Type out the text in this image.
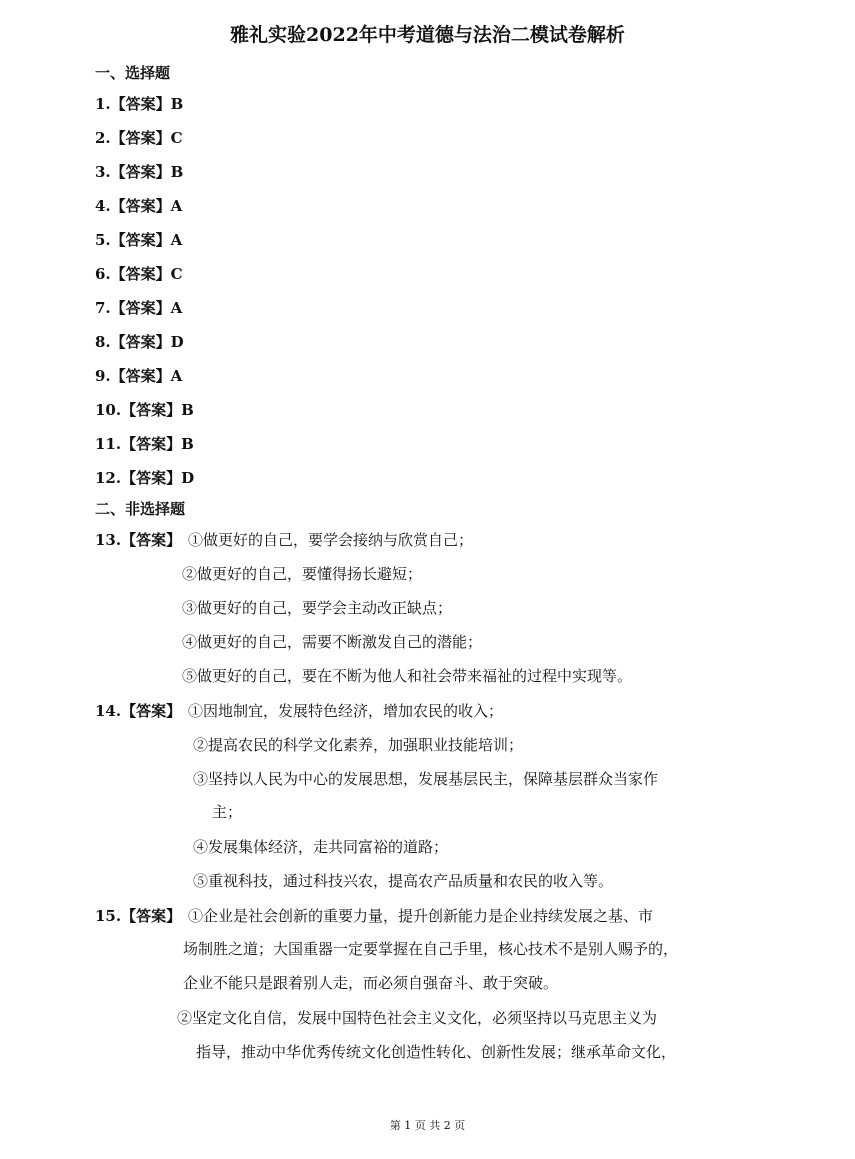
雅礼实验2022年中考道德与法治二模试卷解析
一、选择题
1.【答案】B
2.【答案】C
3.【答案】B
4.【答案】A
5.【答案】A
6.【答案】C
7.【答案】A
8.【答案】D
9.【答案】A
10.【答案】B
11.【答案】B
12.【答案】D
二、非选择题
13.【答案】 ①做更好的自己，要学会接纳与欣赏自己；
②做更好的自己，要懂得扬长避短；
③做更好的自己，要学会主动改正缺点；
④做更好的自己，需要不断激发自己的潜能；
⑤做更好的自己，要在不断为他人和社会带来福祉的过程中实现等。
14.【答案】 ①因地制宜，发展特色经济，增加农民的收入；
②提高农民的科学文化素养，加强职业技能培训；
③坚持以人民为中心的发展思想，发展基层民主，保障基层群众当家作
主；
④发展集体经济，走共同富裕的道路；
⑤重视科技，通过科技兴农，提高农产品质量和农民的收入等。
15.【答案】 ①企业是社会创新的重要力量，提升创新能力是企业持续发展之基、市
场制胜之道；大国重器一定要掌握在自己手里，核心技术不是别人赐予的，
企业不能只是跟着别人走，而必须自强奋斗、敢于突破。
②坚定文化自信，发展中国特色社会主义文化，必须坚持以马克思主义为
指导，推动中华优秀传统文化创造性转化、创新性发展；继承革命文化，
第 1 页 共 2 页
